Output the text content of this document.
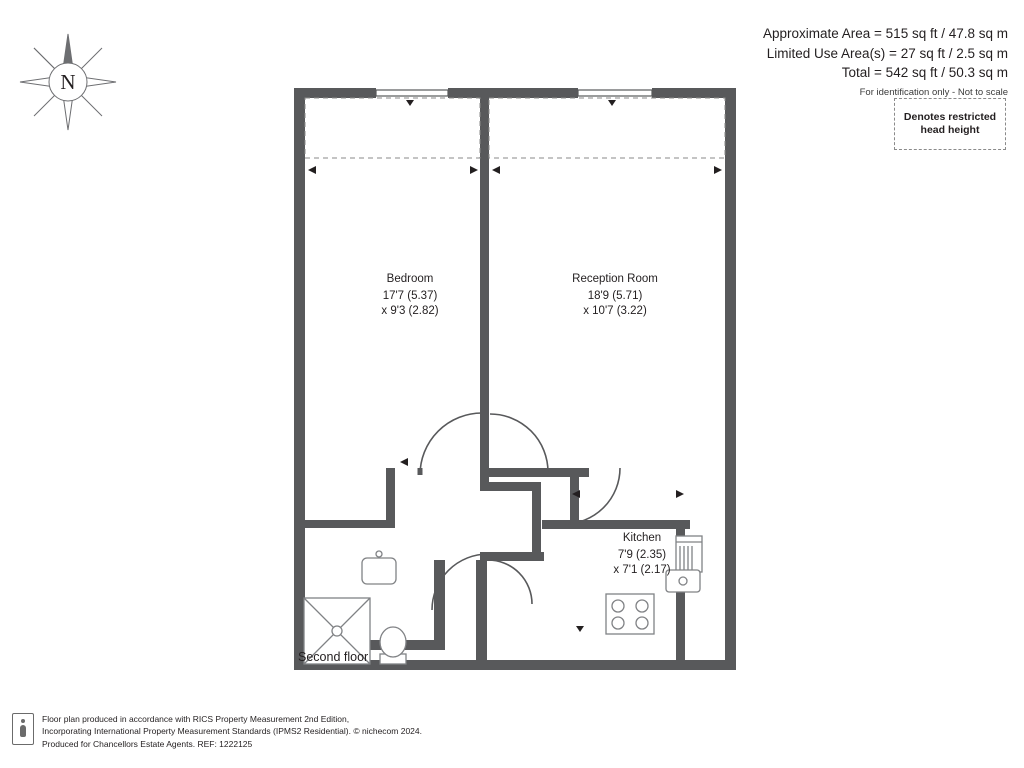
Approximate Area = 515 sq ft / 47.8 sq m
Limited Use Area(s) = 27 sq ft / 2.5 sq m
Total = 542 sq ft / 50.3 sq m
For identification only - Not to scale
Denotes restricted
head height
N
Bedroom
17'7 (5.37)
x 9'3 (2.82)
Reception Room
18'9 (5.71)
x 10'7 (3.22)
Kitchen
7'9 (2.35)
x 7'1 (2.17)
Second floor
Floor plan produced in accordance with RICS Property Measurement 2nd Edition,
Incorporating International Property Measurement Standards (IPMS2 Residential). © nichecom 2024.
Produced for Chancellors Estate Agents. REF: 1222125
